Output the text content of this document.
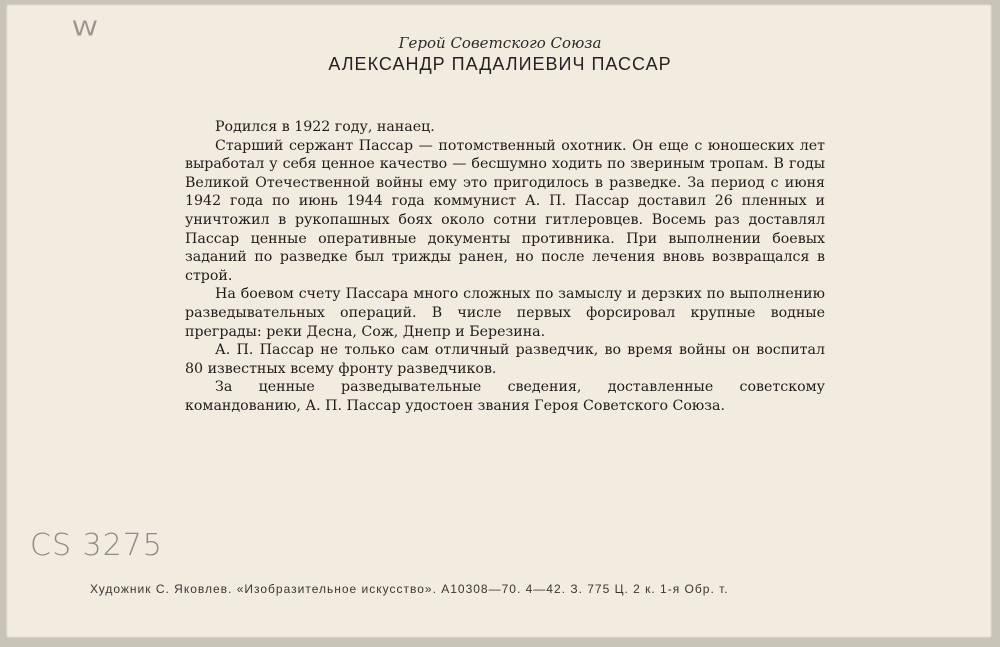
W
Герой Советского Союза
АЛЕКСАНДР ПАДАЛИЕВИЧ ПАССАР

Родился в 1922 году, нанаец.

Старший сержант Пассар — потомственный охотник. Он еще с юношеских лет выработал у себя ценное качество — бесшумно ходить по звериным тропам. В годы Великой Отечественной войны ему это пригодилось в разведке. За период с июня 1942 года по июнь 1944 года коммунист А. П. Пассар доставил 26 пленных и уничтожил в рукопашных боях около сотни гитлеровцев. Восемь раз доставлял Пассар ценные оперативные документы противника. При выполнении боевых заданий по разведке был трижды ранен, но после лечения вновь возвращался в строй.

На боевом счету Пассара много сложных по замыслу и дерзких по выполнению разведывательных операций. В числе первых форсировал крупные водные преграды: реки Десна, Сож, Днепр и Березина.

А. П. Пассар не только сам отличный разведчик, во время войны он воспитал 80 известных всему фронту разведчиков.

За ценные разведывательные сведения, доставленные советскому командованию, А. П. Пассар удостоен звания Героя Советского Союза.

CS 3275
Художник С. Яковлев. «Изобразительное искусство». А10308—70. 4—42. З. 775 Ц. 2 к. 1-я Обр. т.
